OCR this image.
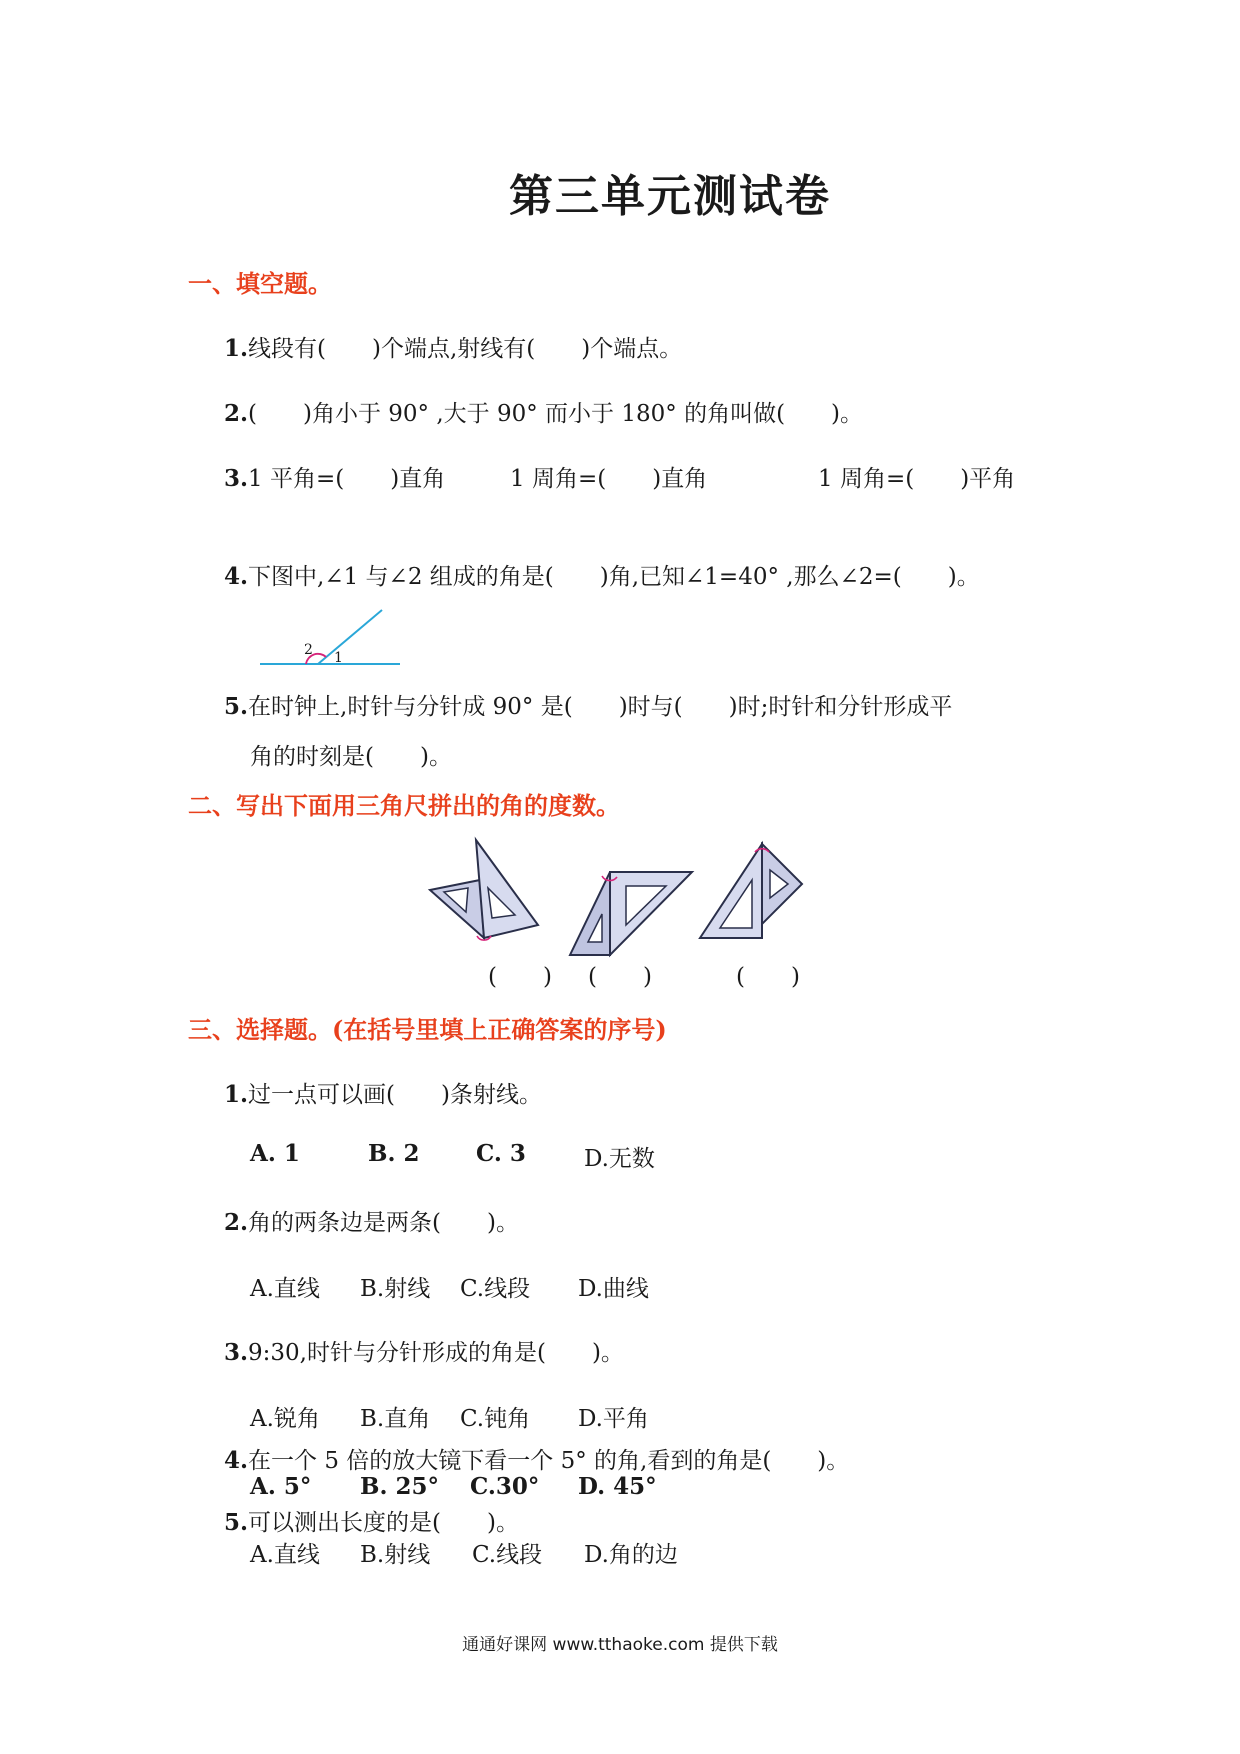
第三单元测试卷
一、填空题。
1.线段有(　　)个端点,射线有(　　)个端点。
2.(　　)角小于 90° ,大于 90° 而小于 180° 的角叫做(　　)。
3.1 平角=(　　)直角	1 周角=(　　)直角	1 周角=(　　)平角
4.下图中,∠1 与∠2 组成的角是(　　)角,已知∠1=40° ,那么∠2=(　　)。
2 1
5.在时钟上,时针与分针成 90° 是(　　)时与(　　)时;时针和分针形成平
角的时刻是(　　)。
二、写出下面用三角尺拼出的角的度数。
(　　) (　　)	(　　)
三、选择题。(在括号里填上正确答案的序号)
1.过一点可以画(　　)条射线。
A. 1	B. 2 C. 3	D.无数
2.角的两条边是两条(　　)。
A.直线 B.射线 C.线段 D.曲线
3.9:30,时针与分针形成的角是(　　)。
A.锐角 B.直角 C.钝角 D.平角
4.在一个 5 倍的放大镜下看一个 5° 的角,看到的角是(　　)。
A. 5° B. 25° C.30° D. 45°
5.可以测出长度的是(　　)。
A.直线 B.射线 C.线段 D.角的边
通通好课网 www.tthaoke.com 提供下载
